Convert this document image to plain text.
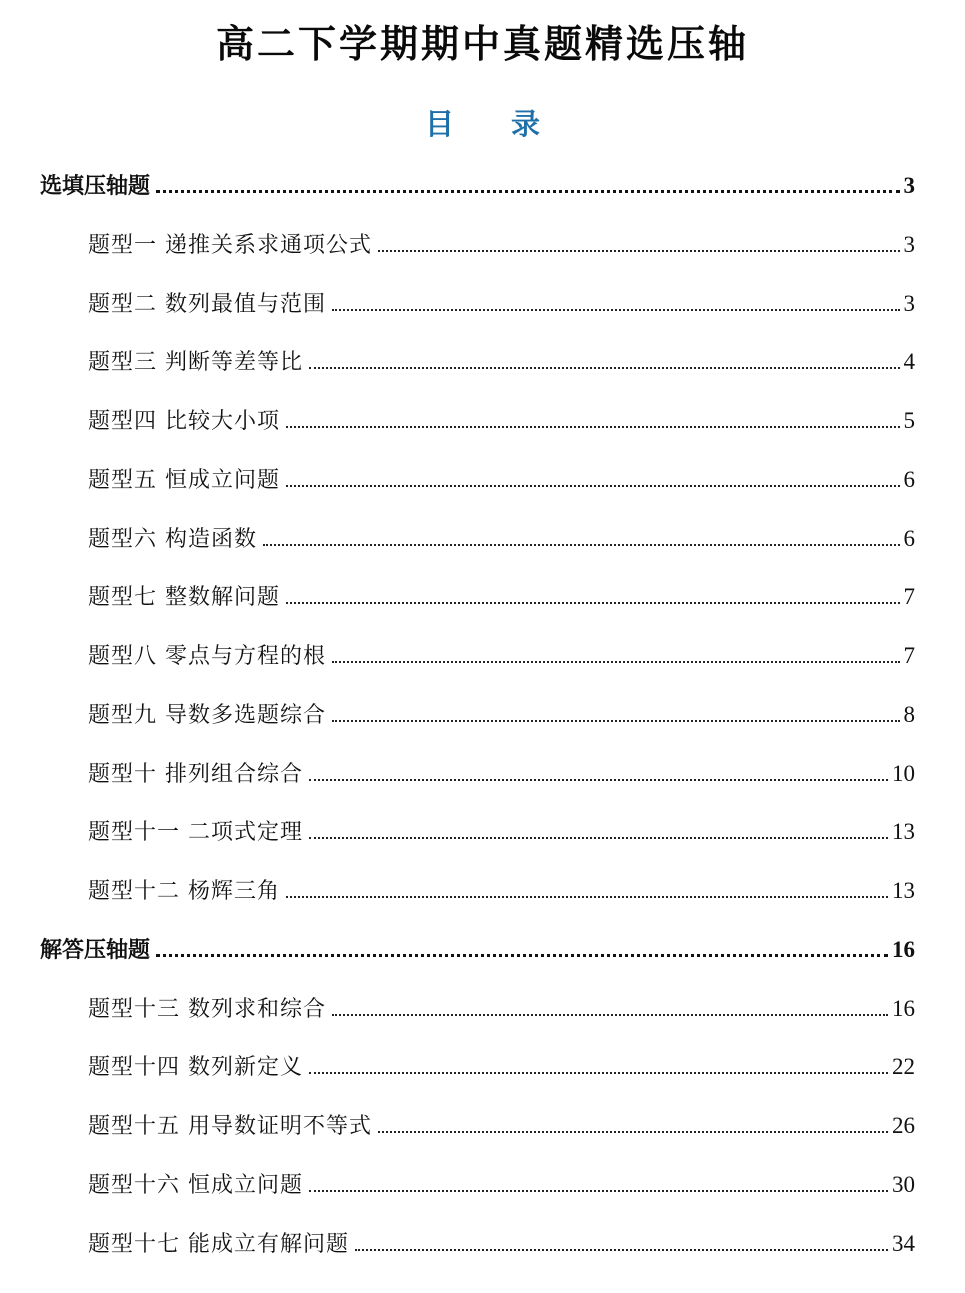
高二下学期期中真题精选压轴
目　录
选填压轴题	3
题型一 递推关系求通项公式	3
题型二 数列最值与范围	3
题型三 判断等差等比	4
题型四 比较大小项	5
题型五 恒成立问题	6
题型六 构造函数	6
题型七 整数解问题	7
题型八 零点与方程的根	7
题型九 导数多选题综合	8
题型十 排列组合综合	10
题型十一 二项式定理	13
题型十二 杨辉三角	13
解答压轴题	16
题型十三 数列求和综合	16
题型十四 数列新定义	22
题型十五 用导数证明不等式	26
题型十六 恒成立问题	30
题型十七 能成立有解问题	34
